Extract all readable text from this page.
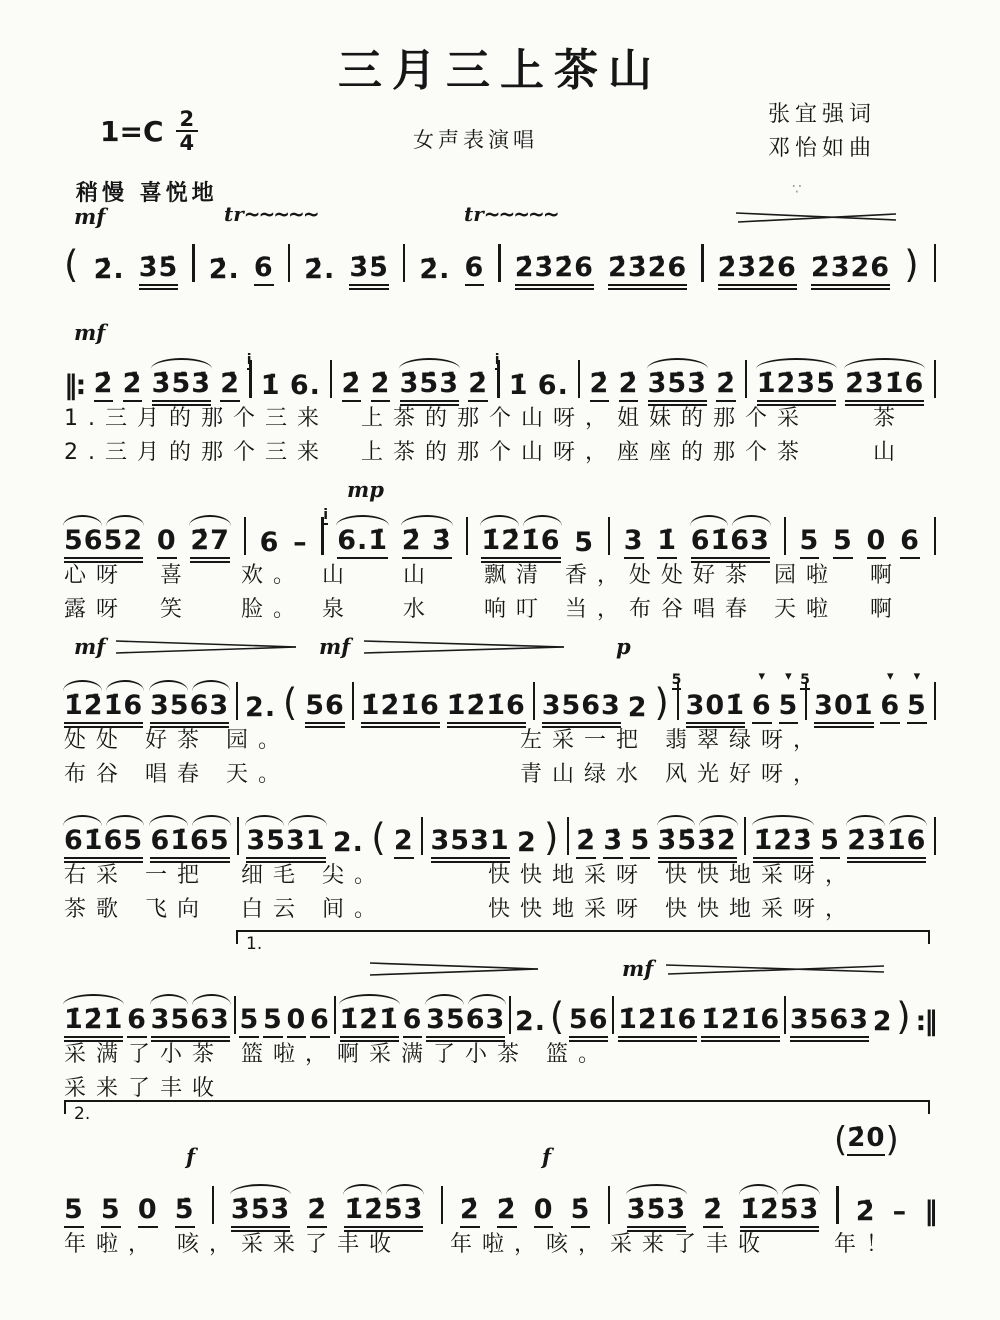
三月三上茶山
$1=C \frac{2}{4}$	女声表演唱
张宜强词
邓怡如曲
稍慢 喜悦地	∵
mf	tr~~~~~	tr~~~~~
( 2̇. 3̇5̇ 2̇. 6 2̇. 3̇5̇ 2̇. 6 2̇3̇2̇6 2̇3̇2̇6 2̇3̇2̇6 2̇3̇2̇6 )
mf
‖: 2̇ 2̇ 3̇5̇3̇ 2̇
i
1̇ 6. 2̇ 2̇ 3̇5̇3̇ 2̇
i
1̇ 6. 2̇ 2̇ 3̇5̇3̇ 2̇ 1̇2̇3̇5̇ 2̇3̇1̇6
1.三月的那个三来　上茶的那个山呀，姐妹的那个采　　茶
2.三月的那个三来　上茶的那个山呀，座座的那个茶　　山
mp
5652 0 2̇7 6 –
i
6.1̇ 2̇ 3̇ 1̇2̇1̇6 5 3 1̇ 61̇63 5 5 0 6
心呀　喜　 欢。 山　 山　 飘清 香，处处好茶 园啦　啊
露呀　笑　 脸。 泉　 水　 响叮 当，布谷唱春 天啦　啊
mf	mf	p
1̇2̇1̇6 3563 2. ( 56 1̇2̇1̇6 1̇2̇1̇6 3563 2 )
5
301̇
▾
6
▾
5
5
301̇
▾
6
▾
5
处处 好茶 园。　　　　　　　 左采一把 翡翠绿呀，
布谷 唱春 天。　　　　　　　 青山绿水 风光好呀，
61̇65 61̇65 3531 2. ( 2 3531 2 ) 2̇ 3̇ 5̇ 3̇5̇3̇2̇ 1̇2̇3̇ 5̇ 2̇3̇1̇6
右采 一把　细毛 尖。　　　 快快地采呀 快快地采呀，
茶歌 飞向　白云 间。　　　 快快地采呀 快快地采呀，
1.
mf
1̇2̇1̇ 6 3563 5 5 0 6 1̇2̇1̇ 6 3563 2. ( 56 1̇2̇1̇6 1̇2̇1̇6 3563 2 ) :‖
采满了小茶 篮啦，啊采满了小茶 篮。
采来了丰收
2.
f	f	( 2̇0 )
5 5 0 5̇ 3̇5̇3̇ 2̇ 1̇2̇5̇3̇ 2̇ 2̇ 0 5̇ 3̇5̇3̇ 2̇ 1̇2̇5̇3̇ 2̇ – ‖
年啦， 咳，采来了丰收　 年啦，咳，采来了丰收　　年！
